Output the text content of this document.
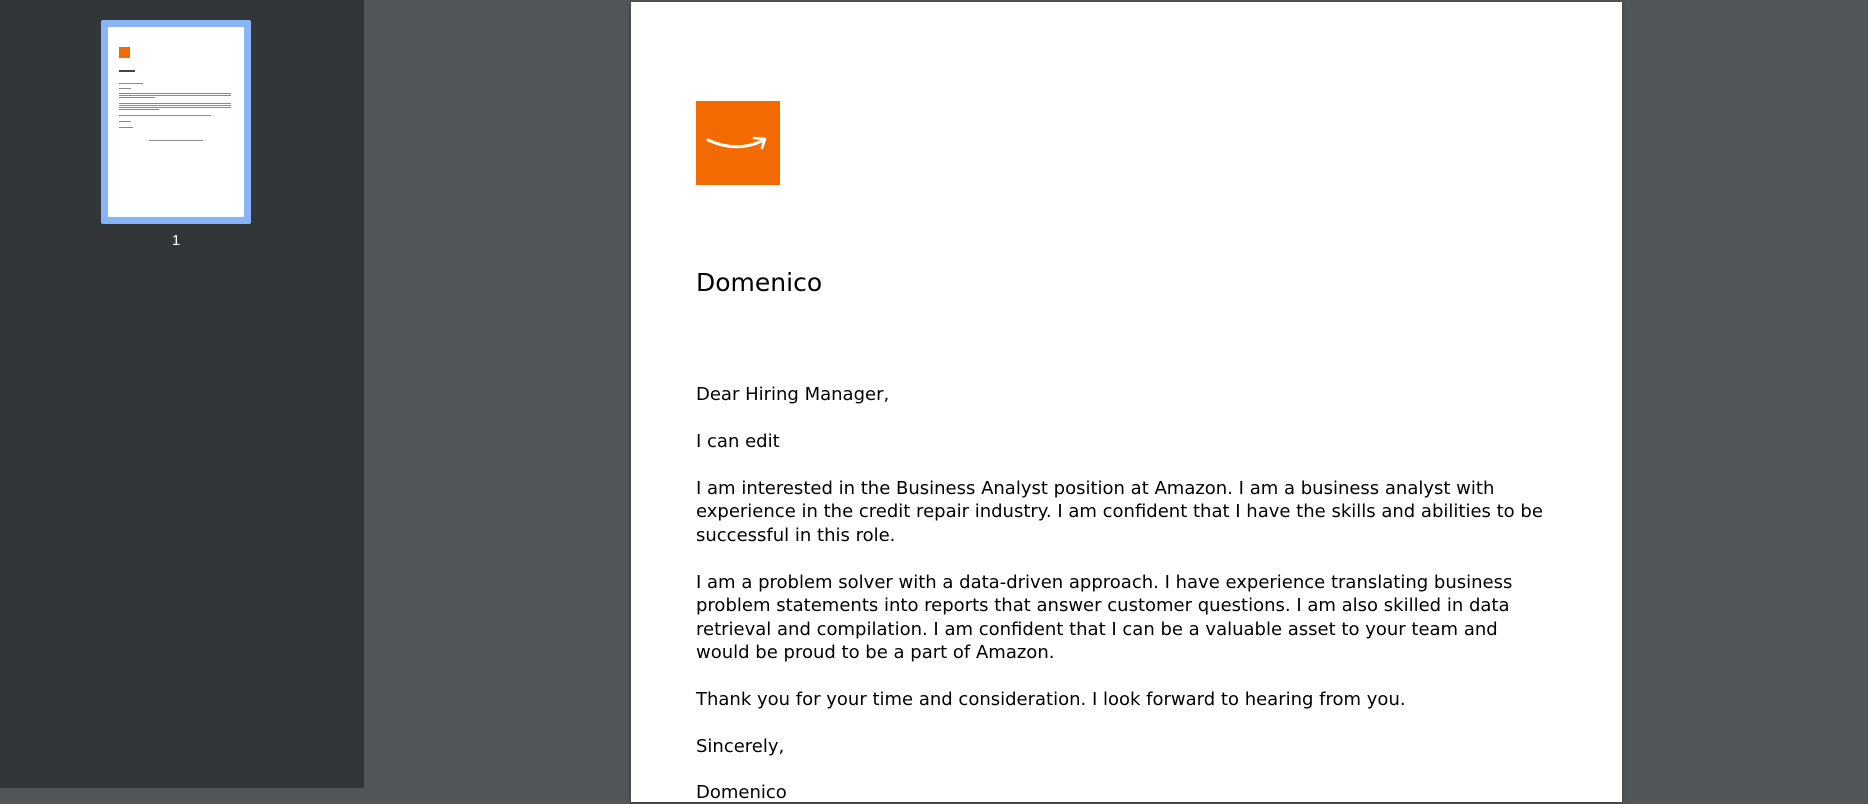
1
Domenico

Dear Hiring Manager,

I can edit

I am interested in the Business Analyst position at Amazon. I am a business analyst with experience in the credit repair industry. I am confident that I have the skills and abilities to be successful in this role.

I am a problem solver with a data-driven approach. I have experience translating business problem statements into reports that answer customer questions. I am also skilled in data retrieval and compilation. I am confident that I can be a valuable asset to your team and would be proud to be a part of Amazon.

Thank you for your time and consideration. I look forward to hearing from you.

Sincerely,

Domenico
